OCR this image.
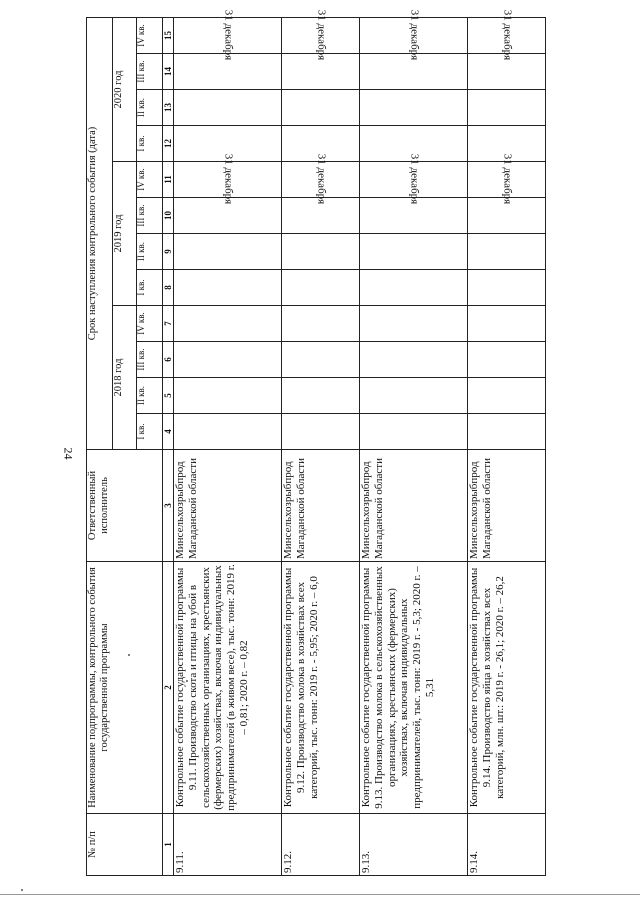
24
№ п/п	Наименование подпрограммы, контрольного события государственной программы	Ответственный исполнитель	Срок наступления контрольного события (дата)											
			2018 год				2019 год				2020 год			
			I кв.	II кв.	III кв.	IV кв.	I кв.	II кв.	III кв.	IV кв.	I кв.	II кв.	III кв.	IV кв.
1	2	3	4	5	6	7	8	9	10	11	12	13	14	15
9.11.	Контрольное событие государственной программы 9.11. Производство скота и птицы на убой в сельскохозяйственных организациях, крестьянских (фермерских) хозяйствах, включая индивидуальных предпринимателей (в живом весе), тыс. тонн: 2019 г. – 0,81; 2020 г. – 0,82	Минсельхозрыбпрод Магаданской области								31 декабря				31 декабря

9.12.	Контрольное событие государственной программы 9.12. Производство молока в хозяйствах всех категорий, тыс. тонн: 2019 г. - 5,95; 2020 г. – 6,0	Минсельхозрыбпрод Магаданской области								31 декабря				31 декабря

9.13.	Контрольное событие государственной программы 9.13. Производство молока в сельскохозяйственных организациях, крестьянских (фермерских) хозяйствах, включая индивидуальных предпринимателей, тыс. тонн: 2019 г. - 5,3; 2020 г. – 5,31	Минсельхозрыбпрод Магаданской области								31 декабря				31 декабря

9.14.	Контрольное событие государственной программы 9.14. Производство яйца в хозяйствах всех категорий, млн. шт.: 2019 г. - 26,1; 2020 г. – 26,2	Минсельхозрыбпрод Магаданской области								31 декабря				31 декабря
